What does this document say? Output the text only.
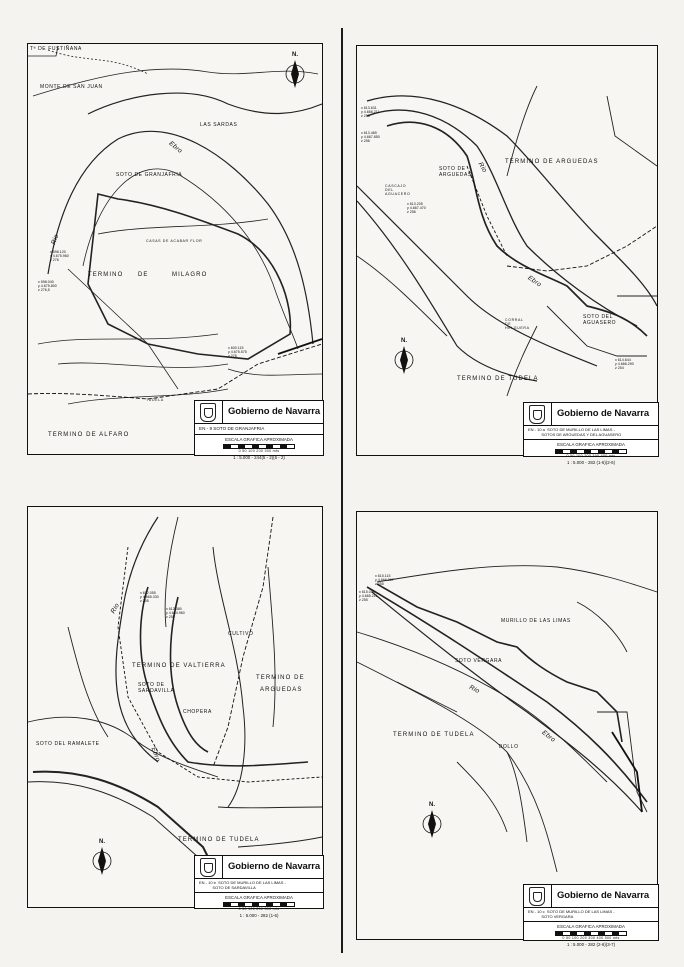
Tª DE FUSTIÑANA
MONTE DE SAN JUAN
LAS SARDAS
SOTO DE GRANJAFRIA
Rio
Ebro
TERMINO DE	MILAGRO
CASAS DE ACABAR FLOR
TUDELA
TERMINO DE ALFARO
x 598.120
y 4.675.960
z 276
x 598.040
y 4.675.800
z 276,5
x 600.115
y 4.675.575
z 276
N.
Gobierno de Navarra
EN - 9 SOTO DE GRANJAFRIA
ESCALA GRAFICA APROXIMADA
0 50 100 200 300 mts
1 : 5.000 - 244(5 - 2)(6 - 2)
TERMINO DE ARGUEDAS
SOTO DE ARGUEDAS
CASCAJO DEL AGUACERO
Rio
Ebro
SOTO DEL AGUASERO
CORRAL DE HELGUERA
TERMINO DE TUDELA
x 613.631
y 4.668.211
z 253
x 613.489
y 4.667.850
z 256
x 613.205
y 4.667.470
z 256
x 614.644
y 4.666.290
z 254
N.
Gobierno de Navarra
EN - 10 a  SOTO DE MURILLO DE LAS LIMAS -
SOTOS DE ARGUEDAS Y DEL AGUASERO
ESCALA GRAFICA APROXIMADA
0 50 100 200 300 400 mts
1 : 5.000 - 282 (1-6)(2-6)
Rio
Ebro
CULTIVO
TERMINO DE VALTIERRA
SOTO DE SARDAVILLA
TERMINO DE
ARGUEDAS
CHOPERA
SOTO DEL RAMALETE
TERMINO DE TUDELA
x 612.055
y 4.665.330
z 255
x 612.380
y 4.664.960
z 255
N.
Gobierno de Navarra
EN - 10 b  SOTO DE MURILLO DE LAS LIMAS -
SOTO DE SARDAVILLA
ESCALA GRAFICA APROXIMADA
0 50 100 200 300 mts
1 : 5.000 - 282 (1-6)
MURILLO DE LAS LIMAS
SOTO VERGARA
Rio
Ebro
TERMINO DE TUDELA
BOLLO
x 615.115
y 4.666.067
z 255
x 615.090
y 4.665.211
z 255
N.
Gobierno de Navarra
EN - 10 c  SOTO DE MURILLO DE LAS LIMAS -
SOTO VERGARA
ESCALA GRAFICA APROXIMADA
0 50 100 200 300 400 500 mts
1 : 5.000 - 282 (2-6)(3-7)
